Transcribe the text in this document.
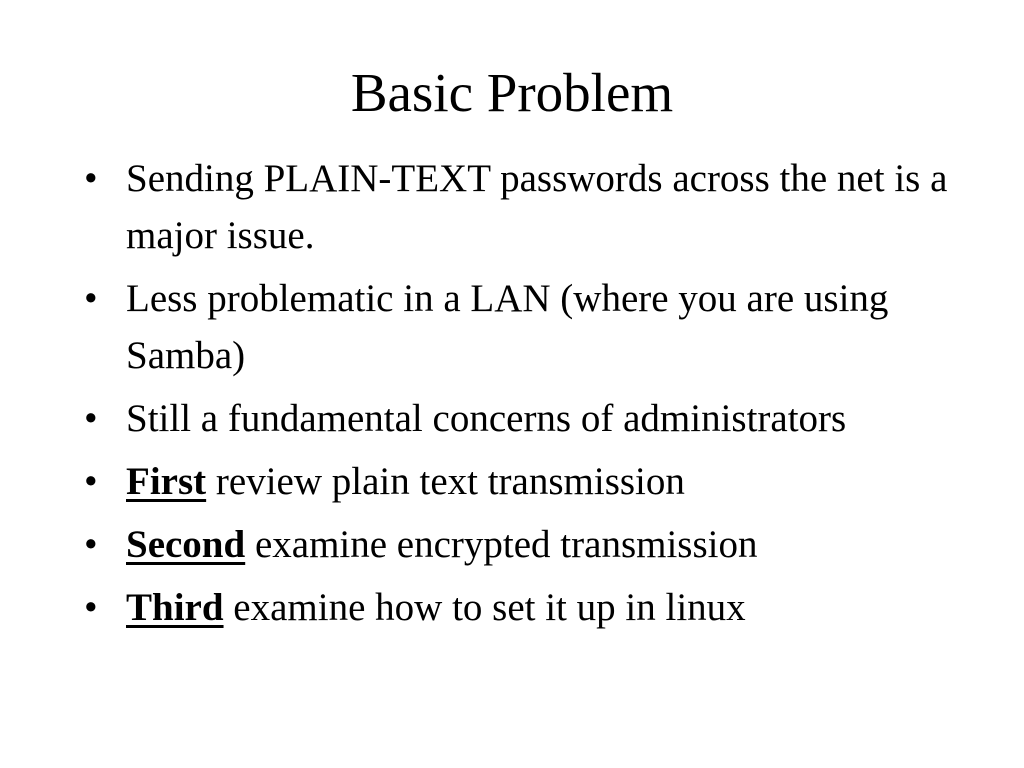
Basic Problem
• Sending PLAIN-TEXT passwords across the net is a major issue.
• Less problematic in a LAN (where you are using Samba)
• Still a fundamental concerns of administrators
• First review plain text transmission
• Second examine encrypted transmission
• Third examine how to set it up in linux
